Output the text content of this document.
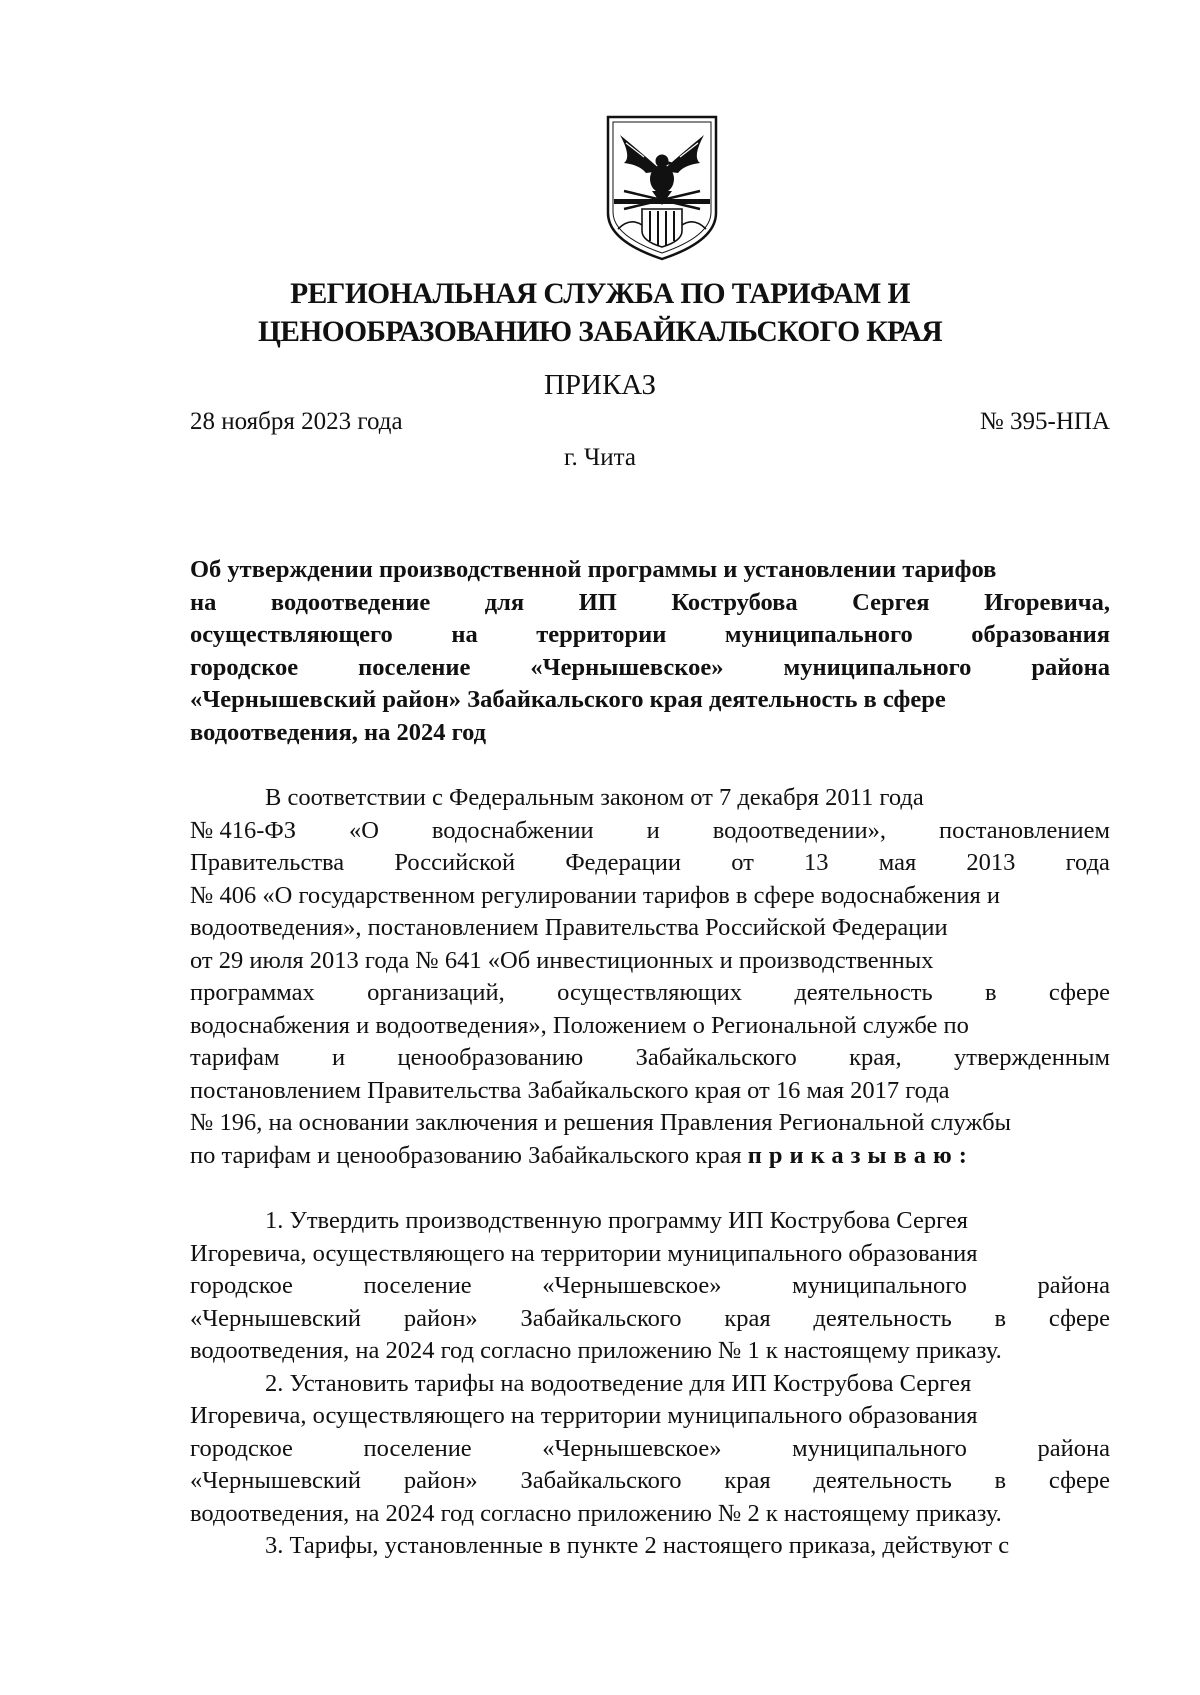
РЕГИОНАЛЬНАЯ СЛУЖБА ПО ТАРИФАМ И
ЦЕНООБРАЗОВАНИЮ ЗАБАЙКАЛЬСКОГО КРАЯ
ПРИКАЗ
28 ноября 2023 года	№ 395-НПА
г. Чита
Об утверждении производственной программы и установлении тарифов
на водоотведение для ИП Кострубова Сергея Игоревича,
осуществляющего на территории муниципального образования
городское поселение «Чернышевское» муниципального района
«Чернышевский район» Забайкальского края деятельность в сфере
водоотведения, на 2024 год
В соответствии с Федеральным законом от 7 декабря 2011 года
№ 416-ФЗ «О водоснабжении и водоотведении», постановлением
Правительства Российской Федерации от 13 мая 2013 года
№ 406 «О государственном регулировании тарифов в сфере водоснабжения и
водоотведения», постановлением Правительства Российской Федерации
от 29 июля 2013 года № 641 «Об инвестиционных и производственных
программах организаций, осуществляющих деятельность в сфере
водоснабжения и водоотведения», Положением о Региональной службе по
тарифам и ценообразованию Забайкальского края, утвержденным
постановлением Правительства Забайкальского края от 16 мая 2017 года
№ 196, на основании заключения и решения Правления Региональной службы
по тарифам и ценообразованию Забайкальского края приказываю:
1. Утвердить производственную программу ИП Кострубова Сергея
Игоревича, осуществляющего на территории муниципального образования
городское	поселение	«Чернышевское»	муниципального	района
«Чернышевский район» Забайкальского края деятельность в сфере
водоотведения, на 2024 год согласно приложению № 1 к настоящему приказу.
2. Установить тарифы на водоотведение для ИП Кострубова Сергея
Игоревича, осуществляющего на территории муниципального образования
городское	поселение	«Чернышевское»	муниципального	района
«Чернышевский район» Забайкальского края деятельность в сфере
водоотведения, на 2024 год согласно приложению № 2 к настоящему приказу.
3. Тарифы, установленные в пункте 2 настоящего приказа, действуют с
